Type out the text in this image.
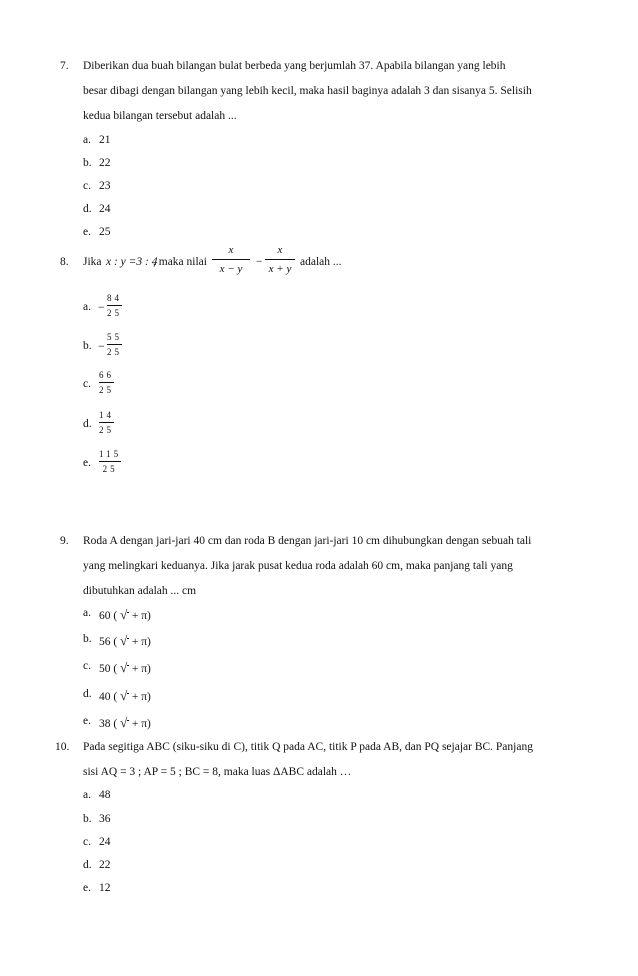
7. Diberikan dua buah bilangan bulat berbeda yang berjumlah 37. Apabila bilangan yang lebih
besar dibagi dengan bilangan yang lebih kecil, maka hasil baginya adalah 3 dan sisanya 5. Selisih
kedua bilangan tersebut adalah ...
a. 21
b. 22
c. 23
d. 24
e. 25
8. Jika x : y =3 : 4
, maka nilai
x
x − y
−
x
x + y
adalah ...
a. −
84
25
b. −
55
25
c.
66
25
d.
14
25
e.
115
25
9. Roda A dengan jari-jari 40 cm dan roda B dengan jari-jari 10 cm dihubungkan dengan sebuah tali
yang melingkari keduanya. Jika jarak pusat kedua roda adalah 60 cm, maka panjang tali yang
dibutuhkan adalah ... cm
a. 60 ( √ + π)
b. 56 ( √ + π)
c. 50 ( √ + π)
d. 40 ( √ + π)
e. 38 ( √ + π)
10. Pada segitiga ABC (siku-siku di C), titik Q pada AC, titik P pada AB, dan PQ sejajar BC. Panjang
sisi AQ = 3 ; AP = 5 ; BC = 8, maka luas ΔABC adalah …
a. 48
b. 36
c. 24
d. 22
e. 12
